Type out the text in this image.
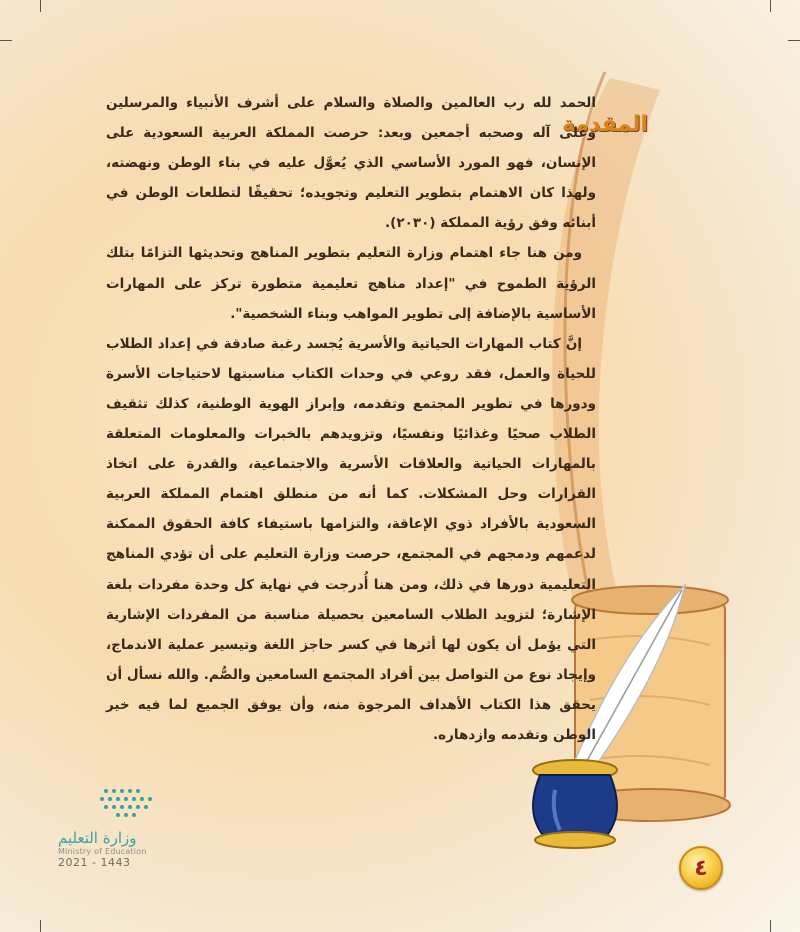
المقدمة

الحمد لله رب العالمين والصلاة والسلام على أشرف الأنبياء والمرسلين وعلى آله وصحبه أجمعين وبعد: حرصت المملكة العربية السعودية على الإنسان، فهو المورد الأساسي الذي يُعوَّل عليه في بناء الوطن ونهضته، ولهذا كان الاهتمام بتطوير التعليم وتجويده؛ تحقيقًا لتطلعات الوطن في أبنائه وفق رؤية المملكة (٢٠٣٠).

ومن هنا جاء اهتمام وزارة التعليم بتطوير المناهج وتحديثها التزامًا بتلك الرؤية الطموح في "إعداد مناهج تعليمية متطورة تركز على المهارات الأساسية بالإضافة إلى تطوير المواهب وبناء الشخصية".

إنَّ كتاب المهارات الحياتية والأسرية يُجسد رغبة صادقة في إعداد الطلاب للحياة والعمل، فقد روعي في وحدات الكتاب مناسبتها لاحتياجات الأسرة ودورها في تطوير المجتمع وتقدمه، وإبراز الهوية الوطنية، كذلك تثقيف الطلاب صحيًا وغذائيًا ونفسيًا، وتزويدهم بالخبرات والمعلومات المتعلقة بالمهارات الحياتية والعلاقات الأسرية والاجتماعية، والقدرة على اتخاذ القرارات وحل المشكلات. كما أنه من منطلق اهتمام المملكة العربية السعودية بالأفراد ذوي الإعاقة، والتزامها باستيفاء كافة الحقوق الممكنة لدعمهم ودمجهم في المجتمع، حرصت وزارة التعليم على أن تؤدي المناهج التعليمية دورها في ذلك، ومن هنا أُدرجت في نهاية كل وحدة مفردات بلغة الإشارة؛ لتزويد الطلاب السامعين بحصيلة مناسبة من المفردات الإشارية التي يؤمل أن يكون لها أثرها في كسر حاجز اللغة وتيسير عملية الاندماج، وإيجاد نوع من التواصل بين أفراد المجتمع السامعين والصُّم. والله نسأل أن يحقق هذا الكتاب الأهداف المرجوة منه، وأن يوفق الجميع لما فيه خير الوطن وتقدمه وازدهاره.

وزارة التعليم
Ministry of Education
2021 - 1443	٤
